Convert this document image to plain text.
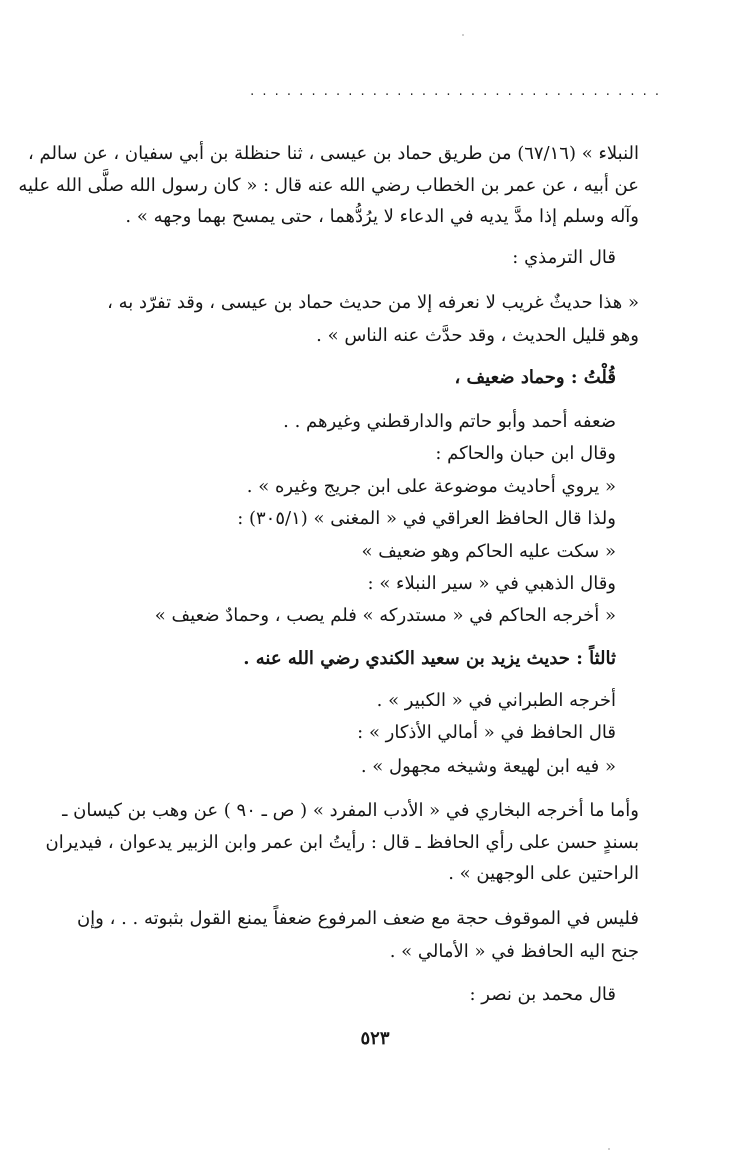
. . . . . . . . . . . . . . . . . . . . . . . . . . . . . . . . . .
النبلاء » (٦٧/١٦) من طريق حماد بن عيسى ، ثنا حنظلة بن أبي سفيان ، عن سالم ،
عن أبيه ، عن عمر بن الخطاب رضي الله عنه قال : « كان رسول الله صلَّى الله عليه
وآله وسلم إذا مدَّ يديه في الدعاء لا يرُدُّهما ، حتى يمسح بهما وجهه » .
قال الترمذي :
« هذا حديثٌ غريب لا نعرفه إلا من حديث حماد بن عيسى ، وقد تفرّد به ،
وهو قليل الحديث ، وقد حدَّث عنه الناس » .
قُلْتُ : وحماد ضعيف ،
ضعفه أحمد وأبو حاتم والدارقطني وغيرهم . .
وقال ابن حبان والحاكم :
« يروي أحاديث موضوعة على ابن جريج وغيره » .
ولذا قال الحافظ العراقي في « المغنى » (٣٠٥/١) :
« سكت عليه الحاكم وهو ضعيف »
وقال الذهبي في « سير النبلاء » :
« أخرجه الحاكم في « مستدركه » فلم يصب ، وحمادٌ ضعيف »
ثالثاً : حديث يزيد بن سعيد الكندي رضي الله عنه .
أخرجه الطبراني في « الكبير » .
قال الحافظ في « أمالي الأذكار » :
« فيه ابن لهيعة وشيخه مجهول » .
وأما ما أخرجه البخاري في « الأدب المفرد » ( ص ـ ٩٠ ) عن وهب بن كيسان ـ
بسندٍ حسن على رأي الحافظ ـ قال : رأيتُ ابن عمر وابن الزبير يدعوان ، فيديران
الراحتين على الوجهين » .
فليس في الموقوف حجة مع ضعف المرفوع ضعفاً يمنع القول بثبوته . . ، وإن
جنح اليه الحافظ في « الأمالي » .
قال محمد بن نصر :
٥٢٣
